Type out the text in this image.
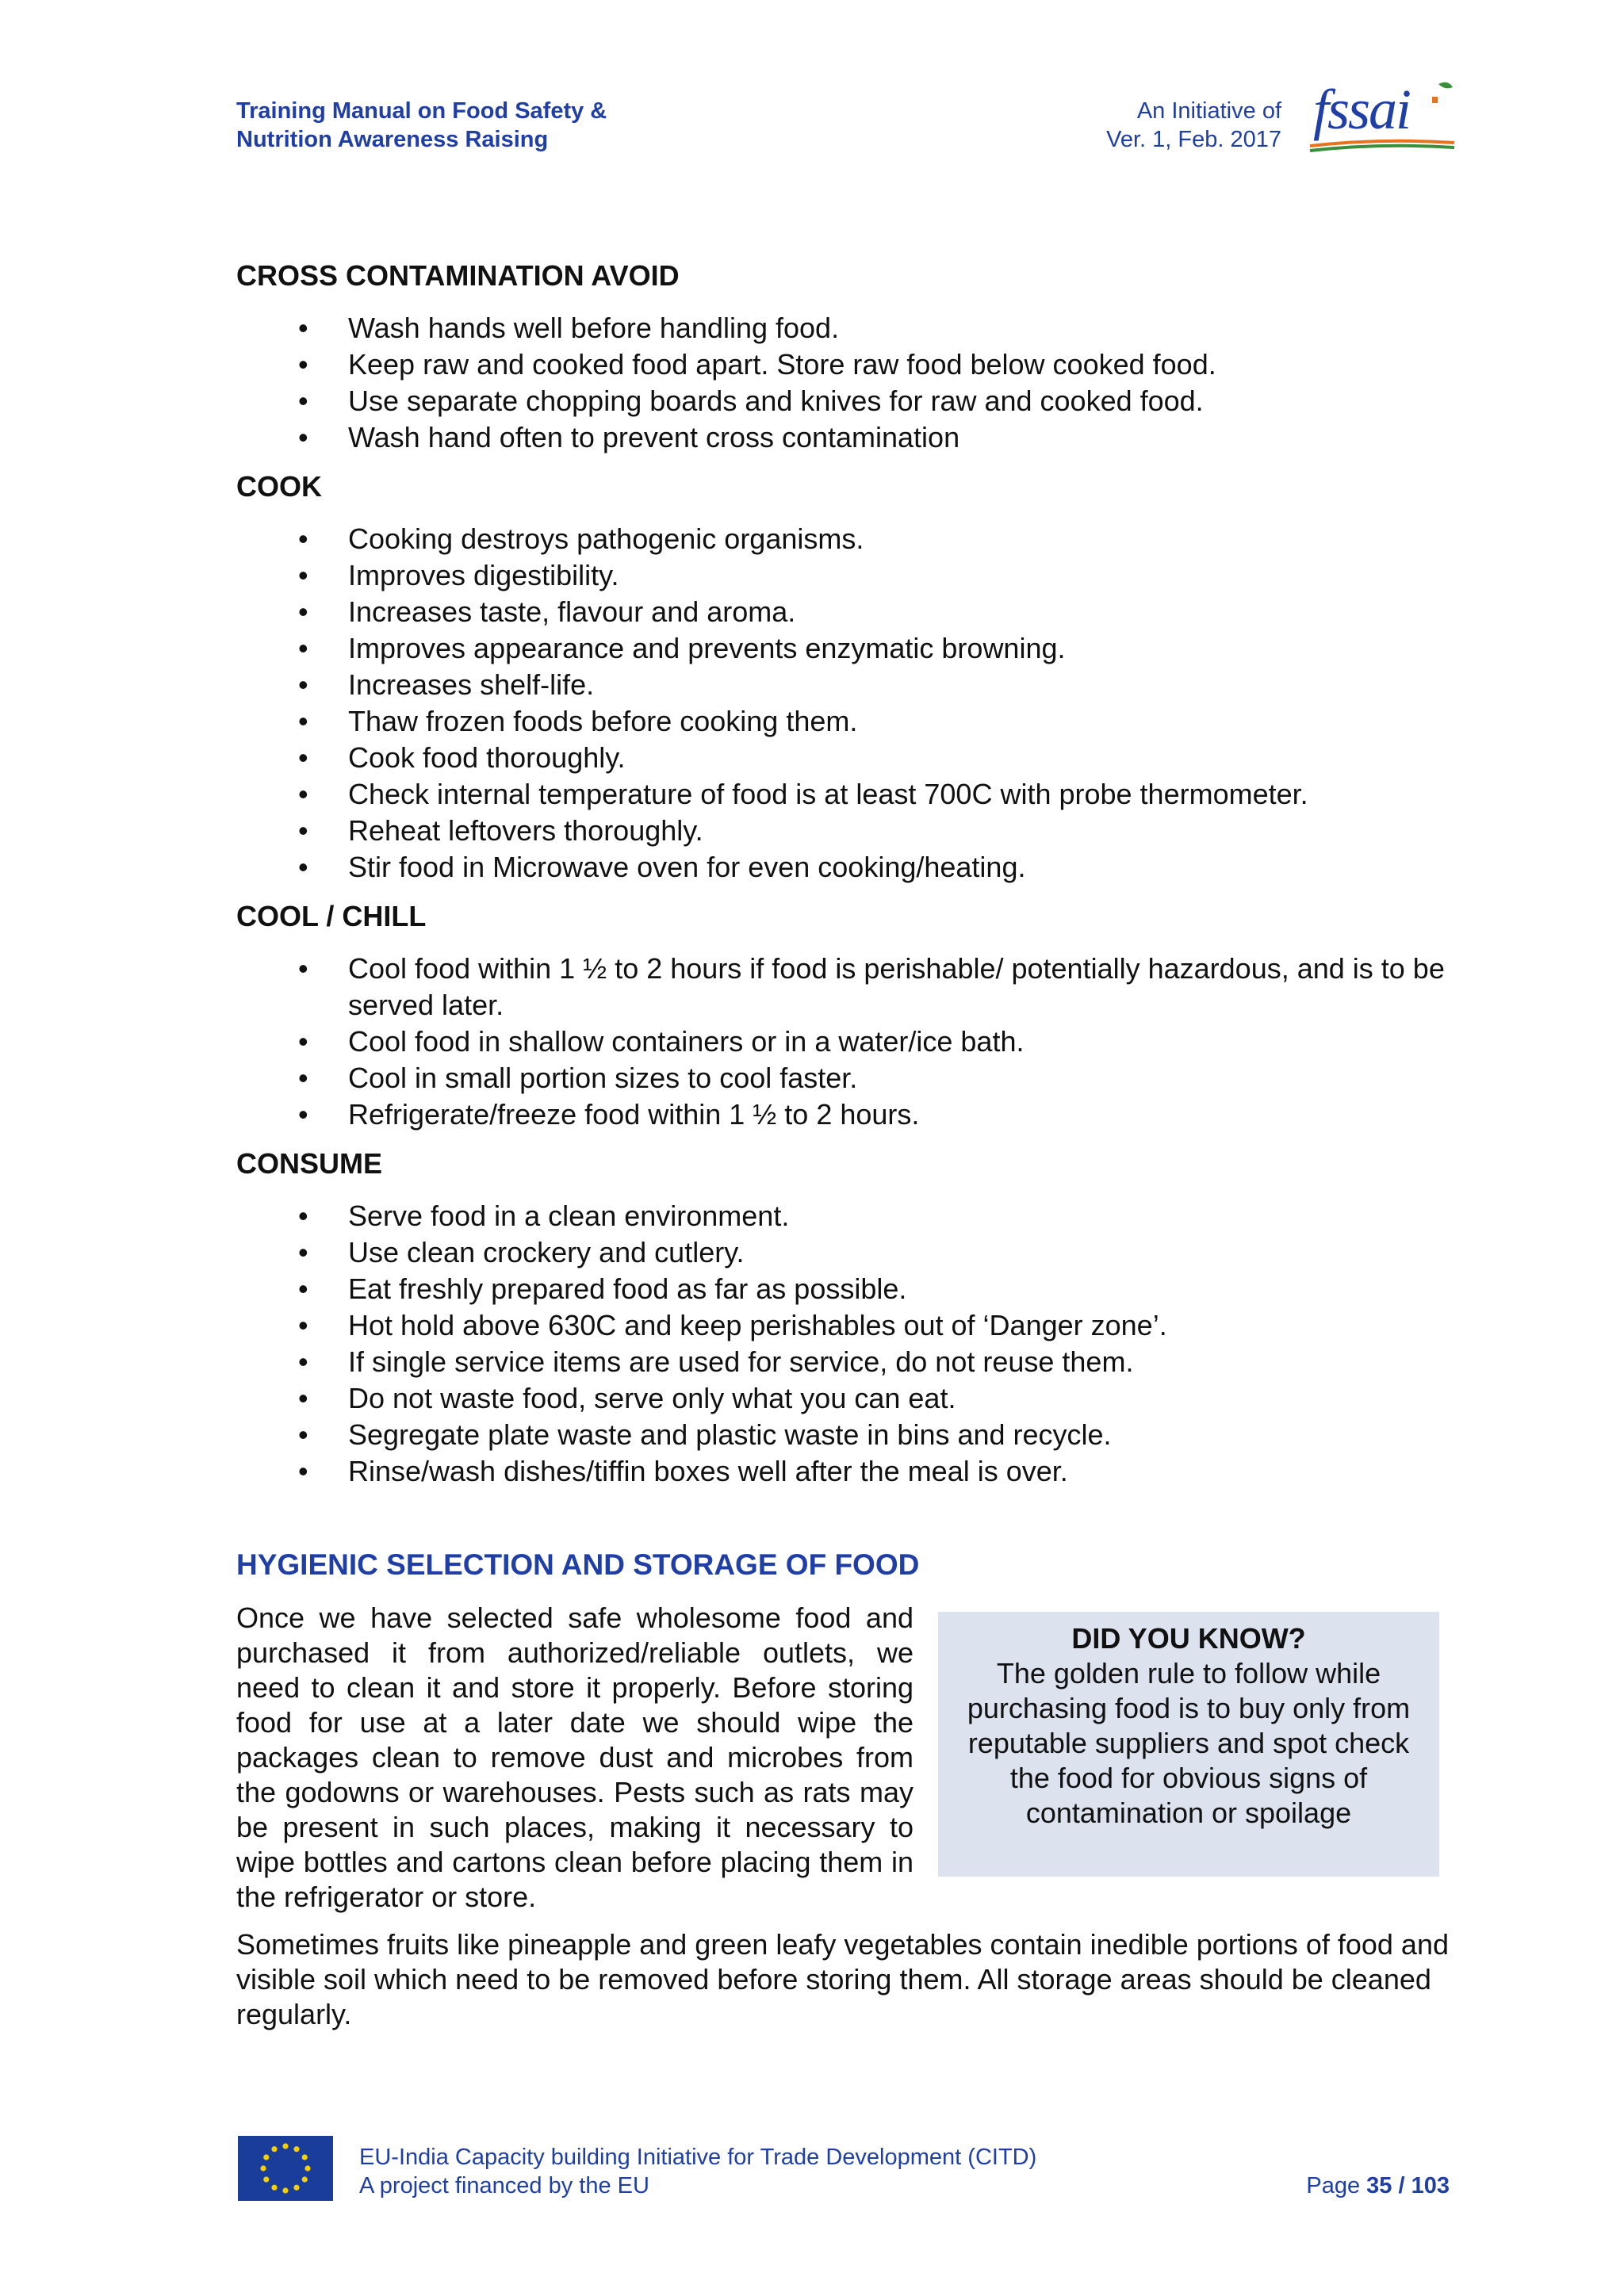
Training Manual on Food Safety &
Nutrition Awareness Raising
An Initiative of
Ver. 1, Feb. 2017 fssai
CROSS CONTAMINATION AVOID
• Wash hands well before handling food.
• Keep raw and cooked food apart. Store raw food below cooked food.
• Use separate chopping boards and knives for raw and cooked food.
• Wash hand often to prevent cross contamination
COOK
• Cooking destroys pathogenic organisms.
• Improves digestibility.
• Increases taste, flavour and aroma.
• Improves appearance and prevents enzymatic browning.
• Increases shelf-life.
• Thaw frozen foods before cooking them.
• Cook food thoroughly.
• Check internal temperature of food is at least 700C with probe thermometer.
• Reheat leftovers thoroughly.
• Stir food in Microwave oven for even cooking/heating.
COOL / CHILL
• Cool food within 1 ½ to 2 hours if food is perishable/ potentially hazardous, and is to be served later.
• Cool food in shallow containers or in a water/ice bath.
• Cool in small portion sizes to cool faster.
• Refrigerate/freeze food within 1 ½ to 2 hours.
CONSUME
• Serve food in a clean environment.
• Use clean crockery and cutlery.
• Eat freshly prepared food as far as possible.
• Hot hold above 630C and keep perishables out of ‘Danger zone’.
• If single service items are used for service, do not reuse them.
• Do not waste food, serve only what you can eat.
• Segregate plate waste and plastic waste in bins and recycle.
• Rinse/wash dishes/tiffin boxes well after the meal is over.
HYGIENIC SELECTION AND STORAGE OF FOOD

Once we have selected safe wholesome food and purchased it from authorized/reliable outlets, we need to clean it and store it properly. Before storing food for use at a later date we should wipe the packages clean to remove dust and microbes from the godowns or warehouses. Pests such as rats may be present in such places, making it necessary to wipe bottles and cartons clean before placing them in the refrigerator or store.

DID YOU KNOW?

The golden rule to follow while purchasing food is to buy only from reputable suppliers and spot check the food for obvious signs of contamination or spoilage

Sometimes fruits like pineapple and green leafy vegetables contain inedible portions of food and visible soil which need to be removed before storing them. All storage areas should be cleaned regularly.

EU-India Capacity building Initiative for Trade Development (CITD)
A project financed by the EU	Page 35 / 103
